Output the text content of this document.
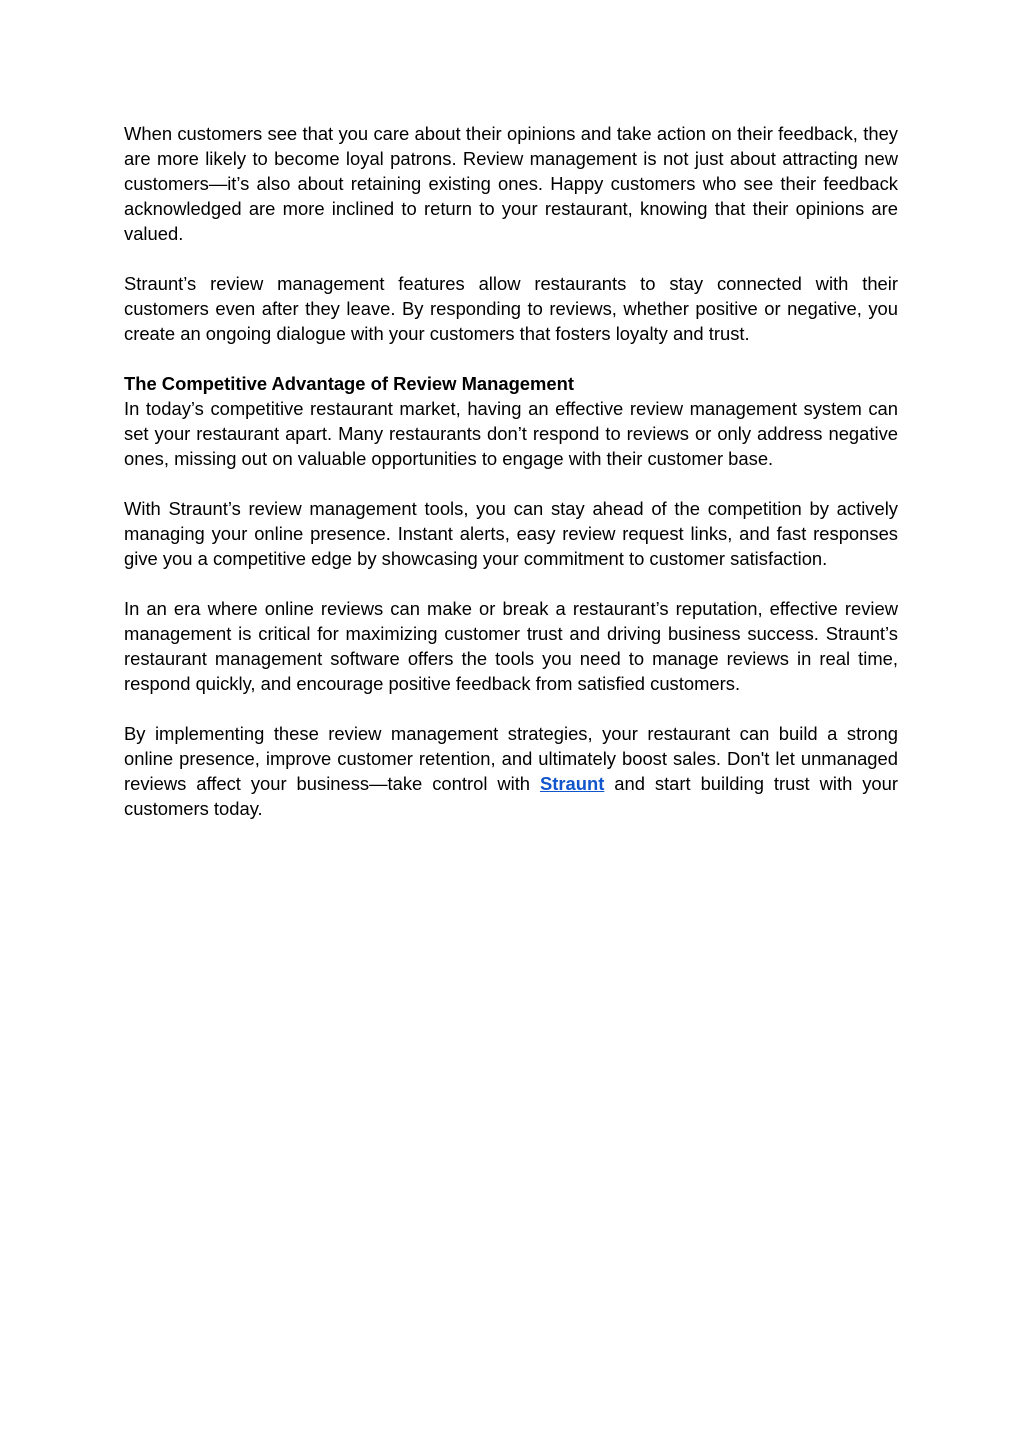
When customers see that you care about their opinions and take action on their feedback, they are more likely to become loyal patrons. Review management is not just about attracting new customers—it’s also about retaining existing ones. Happy customers who see their feedback acknowledged are more inclined to return to your restaurant, knowing that their opinions are valued.

Straunt’s review management features allow restaurants to stay connected with their customers even after they leave. By responding to reviews, whether positive or negative, you create an ongoing dialogue with your customers that fosters loyalty and trust.

The Competitive Advantage of Review Management

In today’s competitive restaurant market, having an effective review management system can set your restaurant apart. Many restaurants don’t respond to reviews or only address negative ones, missing out on valuable opportunities to engage with their customer base.

With Straunt’s review management tools, you can stay ahead of the competition by actively managing your online presence. Instant alerts, easy review request links, and fast responses give you a competitive edge by showcasing your commitment to customer satisfaction.

In an era where online reviews can make or break a restaurant’s reputation, effective review management is critical for maximizing customer trust and driving business success. Straunt’s restaurant management software offers the tools you need to manage reviews in real time, respond quickly, and encourage positive feedback from satisfied customers.

By implementing these review management strategies, your restaurant can build a strong online presence, improve customer retention, and ultimately boost sales. Don't let unmanaged reviews affect your business—take control with Straunt and start building trust with your customers today.
